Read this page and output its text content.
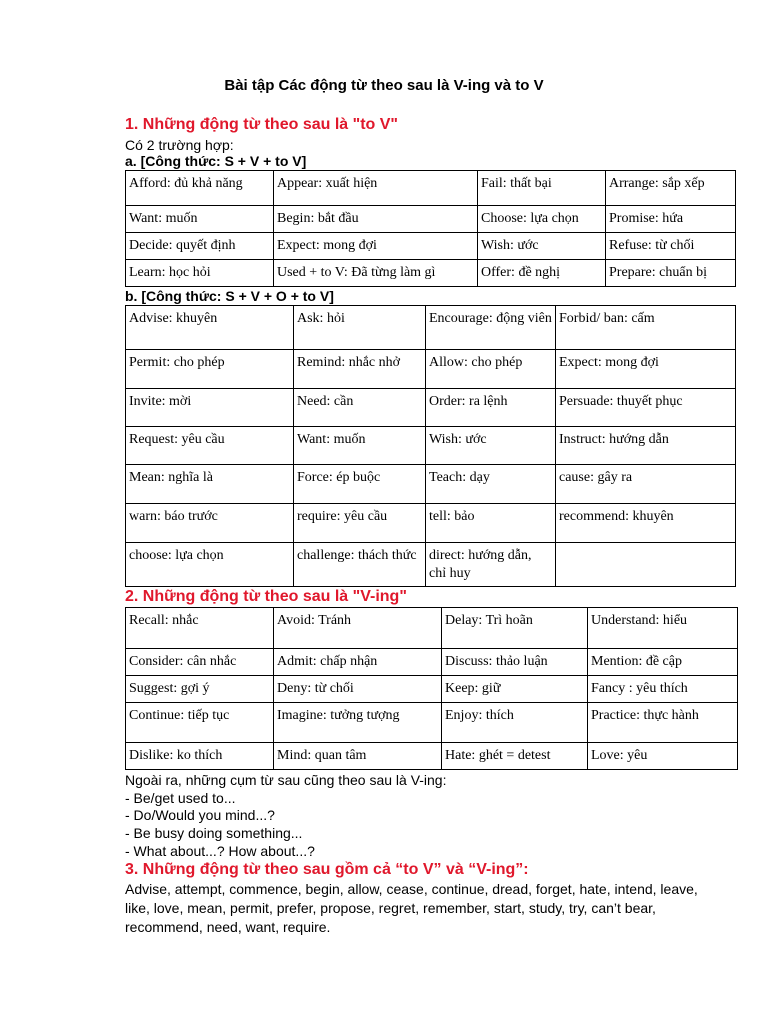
Bài tập Các động từ theo sau là V-ing và to V
1. Những động từ theo sau là "to V"
Có 2 trường hợp:
a. [Công thức: S + V + to V]
Afford: đủ khả năng	Appear: xuất hiện	Fail: thất bại	Arrange: sắp xếp
Want: muốn	Begin: bắt đầu	Choose: lựa chọn	Promise: hứa
Decide: quyết định	Expect: mong đợi	Wish: ước	Refuse: từ chối
Learn: học hỏi	Used + to V: Đã từng làm gì	Offer: đề nghị	Prepare: chuẩn bị
b. [Công thức: S + V + O + to V]
Advise: khuyên	Ask: hỏi	Encourage: động viên	Forbid/ ban: cấm
Permit: cho phép	Remind: nhắc nhở	Allow: cho phép	Expect: mong đợi
Invite: mời	Need: cần	Order: ra lệnh	Persuade: thuyết phục
Request: yêu cầu	Want: muốn	Wish: ước	Instruct: hướng dẫn
Mean: nghĩa là	Force: ép buộc	Teach: dạy	cause: gây ra
warn: báo trước	require: yêu cầu	tell: bảo	recommend: khuyên
choose: lựa chọn	challenge: thách thức	direct: hướng dẫn, chỉ huy	
2. Những động từ theo sau là "V-ing"
Recall: nhắc	Avoid: Tránh	Delay: Trì hoãn	Understand: hiểu
Consider: cân nhắc	Admit: chấp nhận	Discuss: thảo luận	Mention: đề cập
Suggest: gợi ý	Deny: từ chối	Keep: giữ	Fancy : yêu thích
Continue: tiếp tục	Imagine: tưởng tượng	Enjoy: thích	Practice: thực hành
Dislike: ko thích	Mind: quan tâm	Hate: ghét = detest	Love: yêu
Ngoài ra, những cụm từ sau cũng theo sau là V-ing:
- Be/get used to...
- Do/Would you mind...?
- Be busy doing something...
- What about...? How about...?
3. Những động từ theo sau gồm cả “to V” và “V-ing”:
Advise, attempt, commence, begin, allow, cease, continue, dread, forget, hate, intend, leave, like, love, mean, permit, prefer, propose, regret, remember, start, study, try, can’t bear, recommend, need, want, require.
